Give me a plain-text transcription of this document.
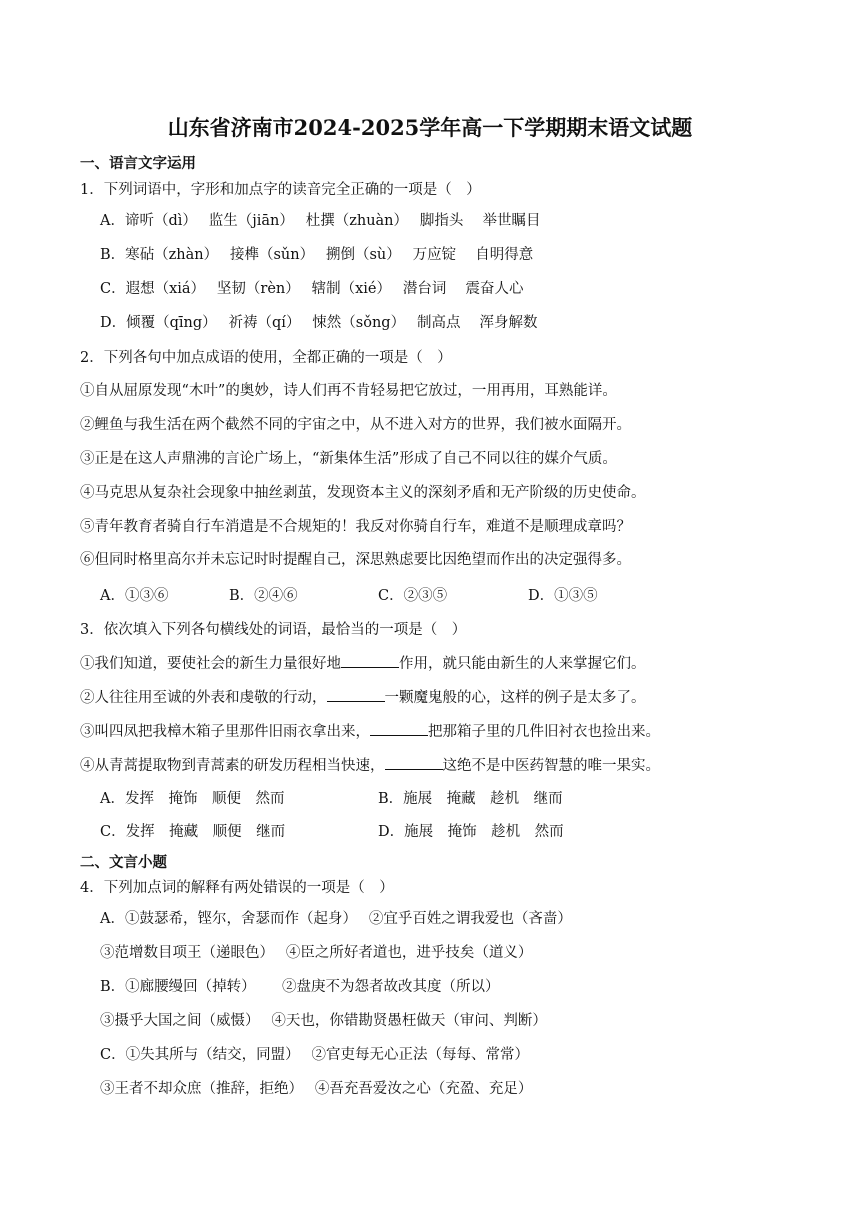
山东省济南市2024-2025学年高一下学期期末语文试题
一、语言文字运用
1．下列词语中，字形和加点字的读音完全正确的一项是（　）
A．谛听（dì）　 监生（jiān）　 杜撰（zhuàn）　 脚指头　 举世瞩目
B．寒砧（zhàn）　 接榫（sǔn）　 搠倒（sù）　 万应锭　 自明得意
C．遐想（xiá）　 坚韧（rèn）　 辖制（xié）　 潜台词　 震奋人心
D．倾覆（qīng）　 祈祷（qí）　 悚然（sǒng）　 制高点　 浑身解数
2．下列各句中加点成语的使用，全都正确的一项是（　）
①自从屈原发现“木叶”的奥妙，诗人们再不肯轻易把它放过，一用再用，耳熟能详。
②鲤鱼与我生活在两个截然不同的宇宙之中，从不进入对方的世界，我们被水面隔开。
③正是在这人声鼎沸的言论广场上，“新集体生活”形成了自己不同以往的媒介气质。
④马克思从复杂社会现象中抽丝剥茧，发现资本主义的深刻矛盾和无产阶级的历史使命。
⑤青年教育者骑自行车消遣是不合规矩的！我反对你骑自行车，难道不是顺理成章吗？
⑥但同时格里高尔并未忘记时时提醒自己，深思熟虑要比因绝望而作出的决定强得多。
A．①③⑥	B．②④⑥	C．②③⑤	D．①③⑤
3．依次填入下列各句横线处的词语，最恰当的一项是（　）
①我们知道，要使社会的新生力量很好地	作用，就只能由新生的人来掌握它们。
②人往往用至诚的外表和虔敬的行动，	一颗魔鬼般的心，这样的例子是太多了。
③叫四凤把我樟木箱子里那件旧雨衣拿出来，	把那箱子里的几件旧衬衣也捡出来。
④从青蒿提取物到青蒿素的研发历程相当快速，	这绝不是中医药智慧的唯一果实。
A．发挥　掩饰　顺便　然而	B．施展　掩藏　趁机　继而
C．发挥　掩藏　顺便　继而	D．施展　掩饰　趁机　然而
二、文言小题
4．下列加点词的解释有两处错误的一项是（　）
A．①鼓瑟希，铿尔，舍瑟而作（起身）　 ②宜乎百姓之谓我爱也（吝啬）
③范增数目项王（递眼色）　 ④臣之所好者道也，进乎技矣（道义）
B．①廊腰缦回（掉转）　　 ②盘庚不为怨者故改其度（所以）
③摄乎大国之间（威慑）　 ④天也，你错勘贤愚枉做天（审问、判断）
C．①失其所与（结交，同盟）　 ②官吏每无心正法（每每、常常）
③王者不却众庶（推辞，拒绝）　 ④吾充吾爱汝之心（充盈、充足）
